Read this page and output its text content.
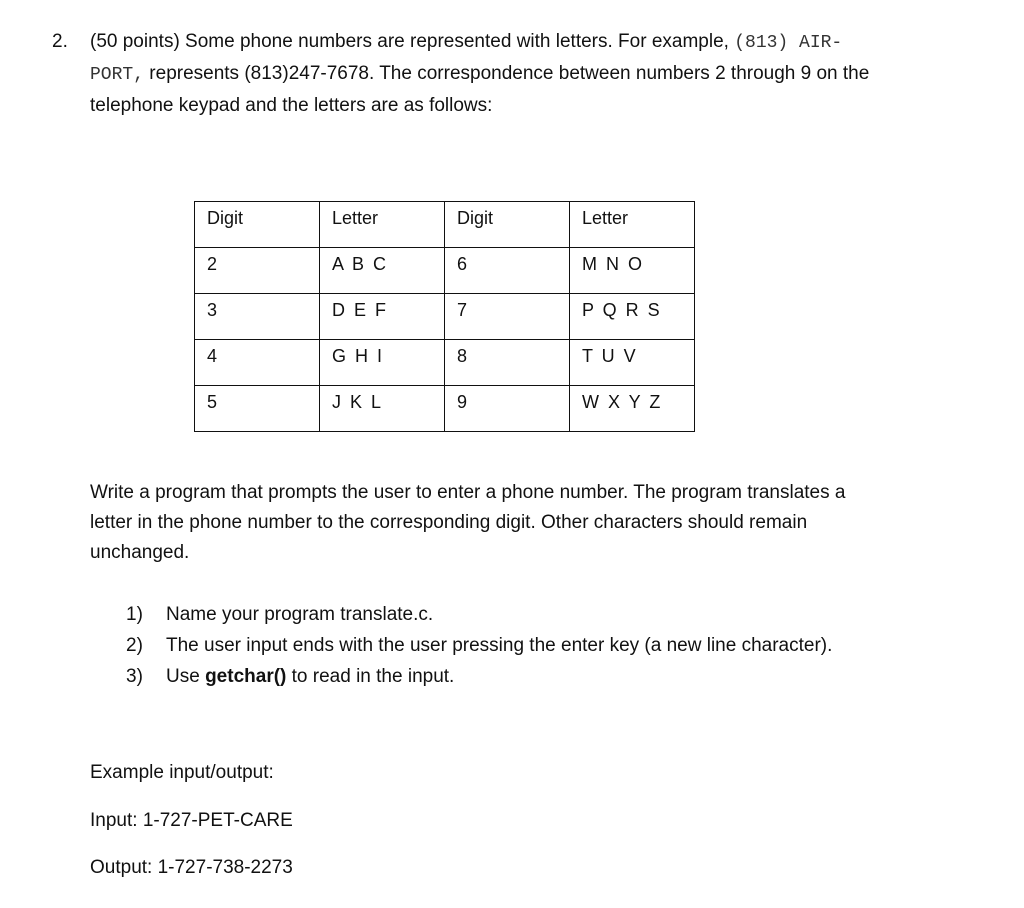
2. (50 points) Some phone numbers are represented with letters. For example, (813) AIR-
PORT, represents (813)247-7678. The correspondence between numbers 2 through 9 on the
telephone keypad and the letters are as follows:
Digit	Letter	Digit	Letter
2	A B C	6	M N O
3	D E F	7	P Q R S
4	G H I	8	T U V
5	J K L	9	W X Y Z
Write a program that prompts the user to enter a phone number. The program translates a
letter in the phone number to the corresponding digit. Other characters should remain
unchanged.
1) Name your program translate.c.
2) The user input ends with the user pressing the enter key (a new line character).
3) Use getchar() to read in the input.
Example input/output:
Input: 1-727-PET-CARE
Output: 1-727-738-2273
